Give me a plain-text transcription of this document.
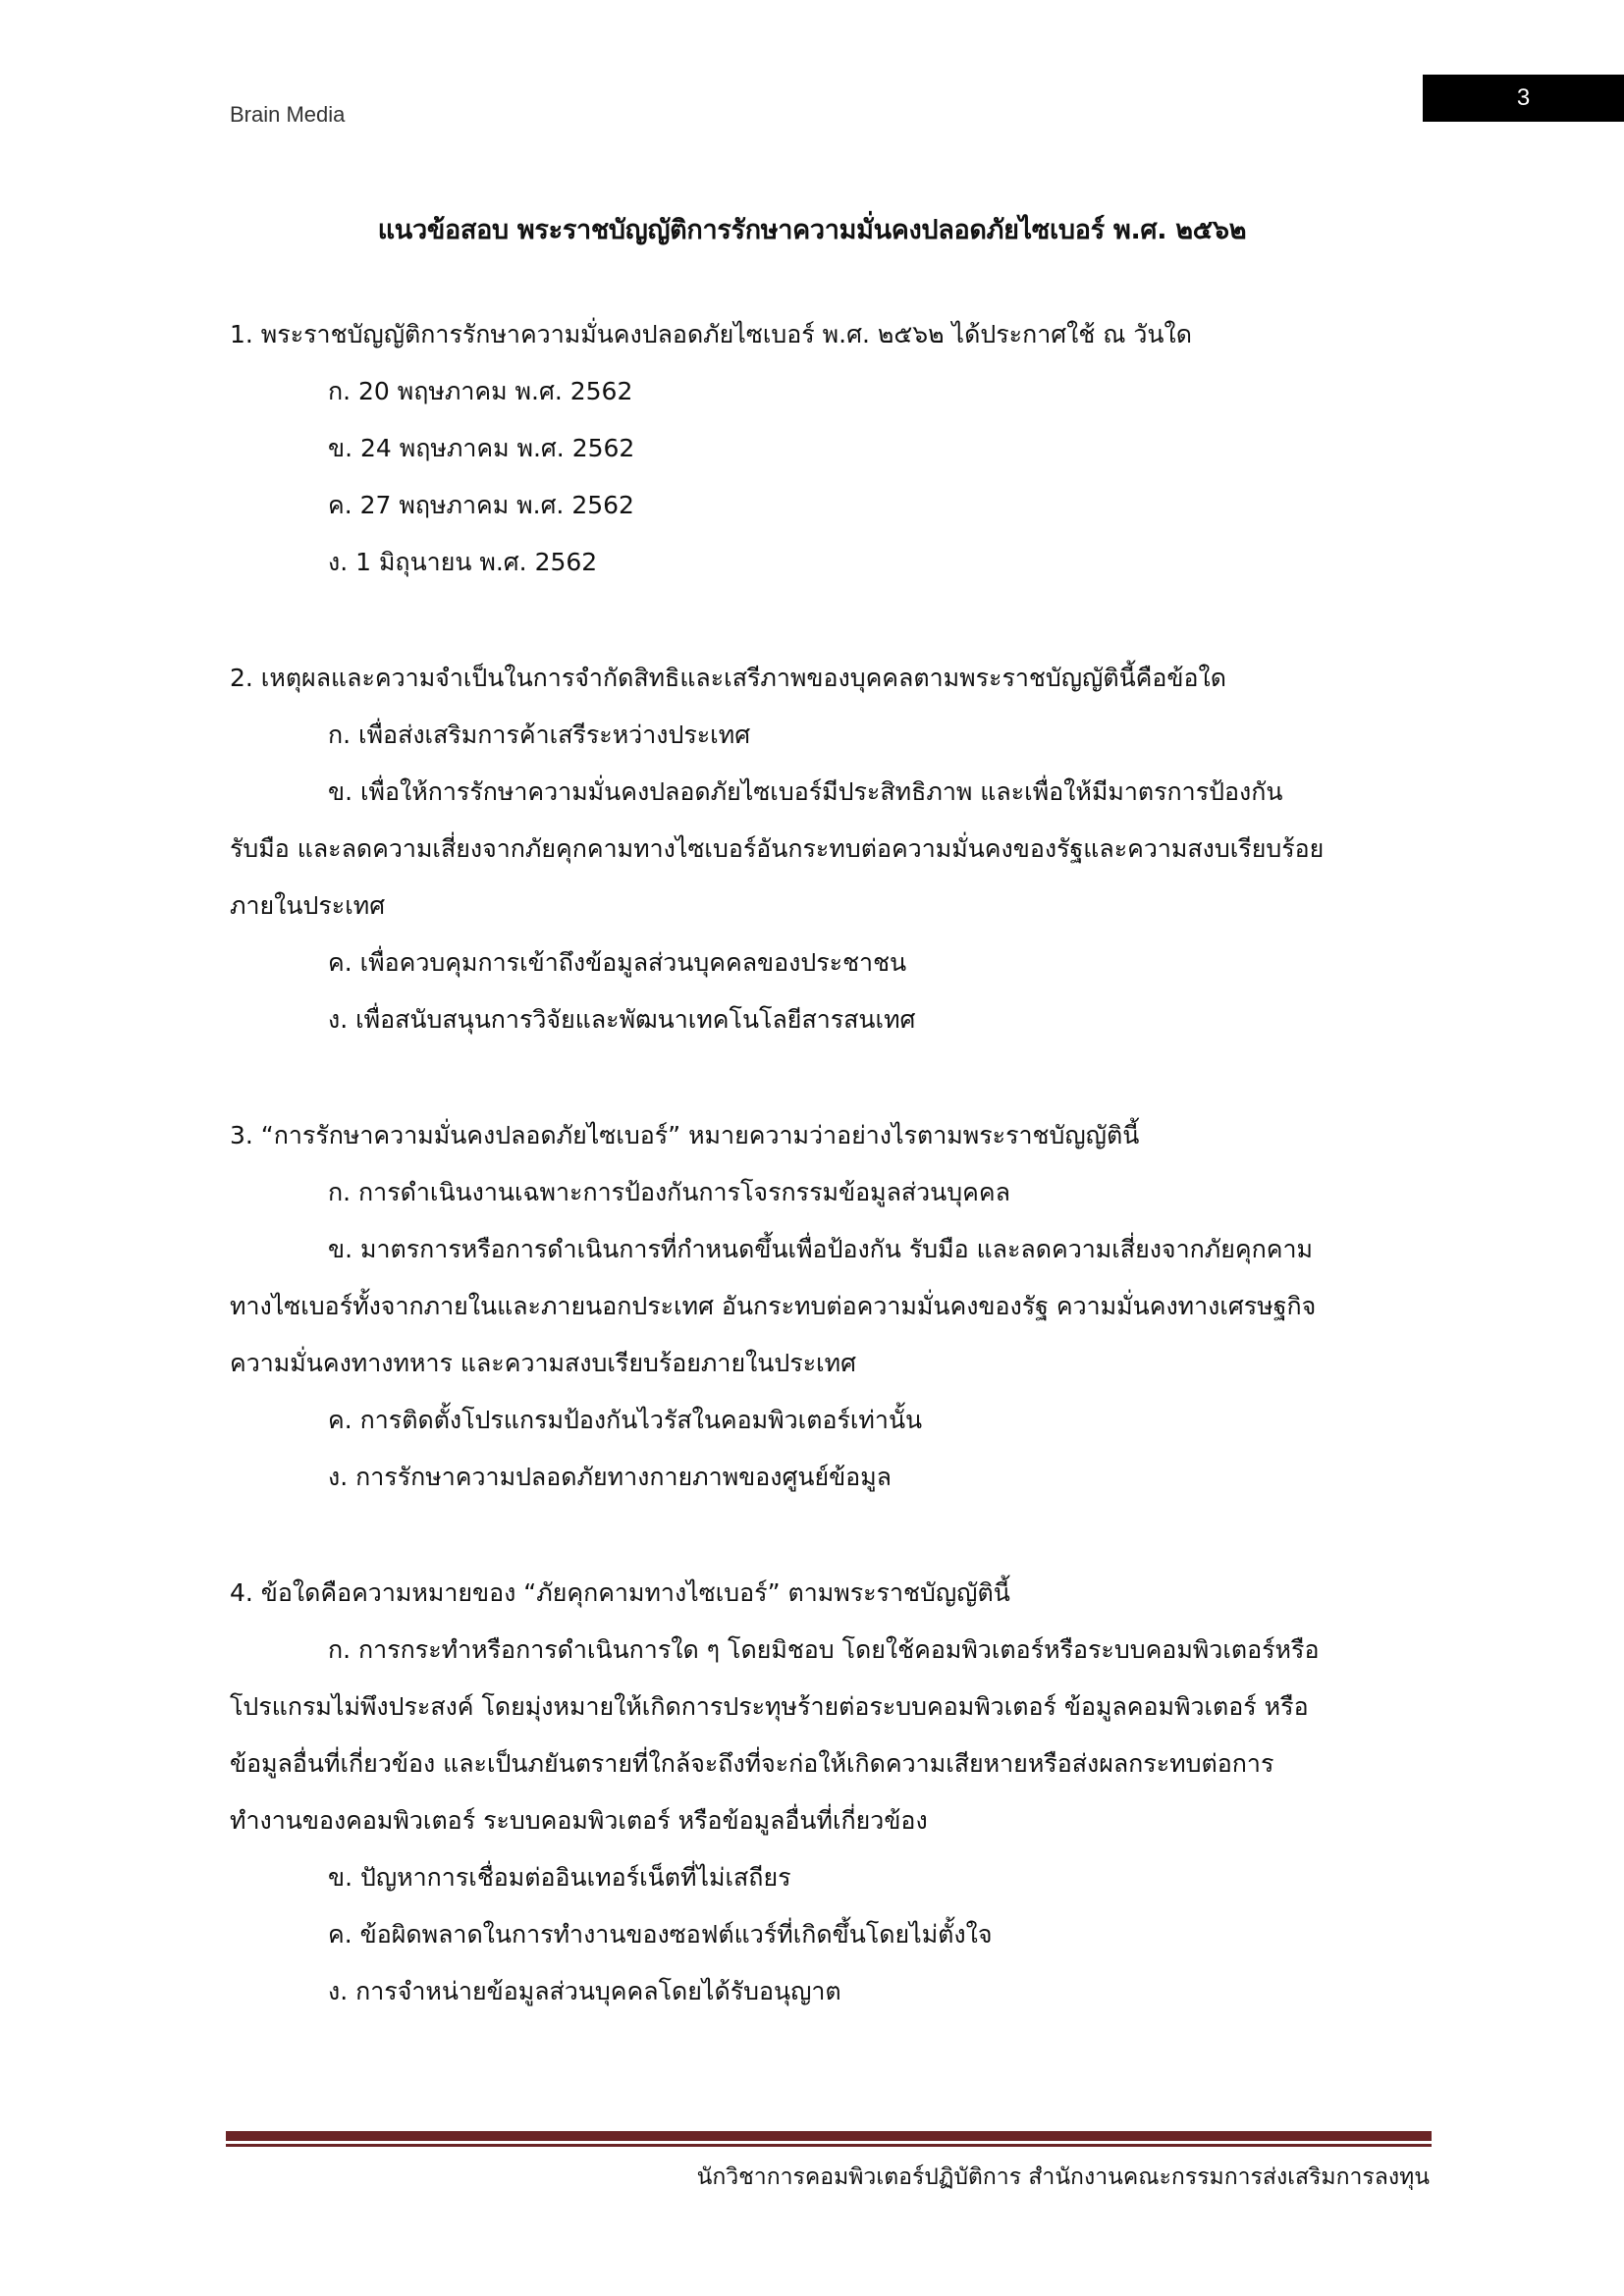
Brain Media
3
แนวข้อสอบ พระราชบัญญัติการรักษาความมั่นคงปลอดภัยไซเบอร์ พ.ศ. ๒๕๖๒
1. พระราชบัญญัติการรักษาความมั่นคงปลอดภัยไซเบอร์ พ.ศ. ๒๕๖๒ ได้ประกาศใช้ ณ วันใด
ก. 20 พฤษภาคม พ.ศ. 2562
ข. 24 พฤษภาคม พ.ศ. 2562
ค. 27 พฤษภาคม พ.ศ. 2562
ง. 1 มิถุนายน พ.ศ. 2562
2. เหตุผลและความจำเป็นในการจำกัดสิทธิและเสรีภาพของบุคคลตามพระราชบัญญัตินี้คือข้อใด
ก. เพื่อส่งเสริมการค้าเสรีระหว่างประเทศ
ข. เพื่อให้การรักษาความมั่นคงปลอดภัยไซเบอร์มีประสิทธิภาพ และเพื่อให้มีมาตรการป้องกัน
รับมือ และลดความเสี่ยงจากภัยคุกคามทางไซเบอร์อันกระทบต่อความมั่นคงของรัฐและความสงบเรียบร้อย
ภายในประเทศ
ค. เพื่อควบคุมการเข้าถึงข้อมูลส่วนบุคคลของประชาชน
ง. เพื่อสนับสนุนการวิจัยและพัฒนาเทคโนโลยีสารสนเทศ
3. “การรักษาความมั่นคงปลอดภัยไซเบอร์” หมายความว่าอย่างไรตามพระราชบัญญัตินี้
ก. การดำเนินงานเฉพาะการป้องกันการโจรกรรมข้อมูลส่วนบุคคล
ข. มาตรการหรือการดำเนินการที่กำหนดขึ้นเพื่อป้องกัน รับมือ และลดความเสี่ยงจากภัยคุกคาม
ทางไซเบอร์ทั้งจากภายในและภายนอกประเทศ อันกระทบต่อความมั่นคงของรัฐ ความมั่นคงทางเศรษฐกิจ
ความมั่นคงทางทหาร และความสงบเรียบร้อยภายในประเทศ
ค. การติดตั้งโปรแกรมป้องกันไวรัสในคอมพิวเตอร์เท่านั้น
ง. การรักษาความปลอดภัยทางกายภาพของศูนย์ข้อมูล
4. ข้อใดคือความหมายของ “ภัยคุกคามทางไซเบอร์” ตามพระราชบัญญัตินี้
ก. การกระทำหรือการดำเนินการใด ๆ โดยมิชอบ โดยใช้คอมพิวเตอร์หรือระบบคอมพิวเตอร์หรือ
โปรแกรมไม่พึงประสงค์ โดยมุ่งหมายให้เกิดการประทุษร้ายต่อระบบคอมพิวเตอร์ ข้อมูลคอมพิวเตอร์ หรือ
ข้อมูลอื่นที่เกี่ยวข้อง และเป็นภยันตรายที่ใกล้จะถึงที่จะก่อให้เกิดความเสียหายหรือส่งผลกระทบต่อการ
ทำงานของคอมพิวเตอร์ ระบบคอมพิวเตอร์ หรือข้อมูลอื่นที่เกี่ยวข้อง
ข. ปัญหาการเชื่อมต่ออินเทอร์เน็ตที่ไม่เสถียร
ค. ข้อผิดพลาดในการทำงานของซอฟต์แวร์ที่เกิดขึ้นโดยไม่ตั้งใจ
ง. การจำหน่ายข้อมูลส่วนบุคคลโดยได้รับอนุญาต
นักวิชาการคอมพิวเตอร์ปฏิบัติการ สำนักงานคณะกรรมการส่งเสริมการลงทุน
